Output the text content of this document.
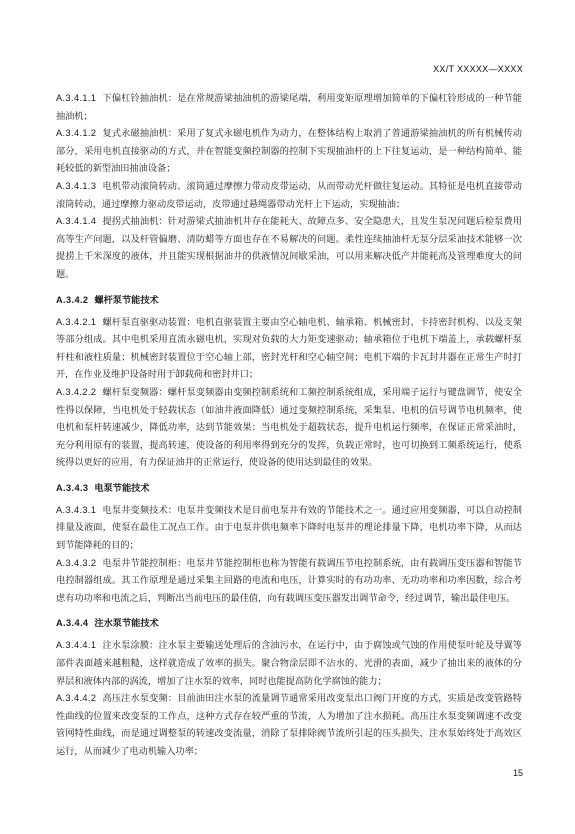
XX/T XXXXX—XXXX

A.3.4.1.1 下偏杠铃抽油机：是在常规游梁抽油机的游梁尾端，利用变矩原理增加简单的下偏杠铃形成的一种节能抽油机；

A.3.4.1.2 复式永磁抽油机：采用了复式永磁电机作为动力，在整体结构上取消了普通游梁抽油机的所有机械传动部分，采用电机直接驱动的方式，并在智能变频控制器的控制下实现抽油杆的上下往复运动，是一种结构简单、能耗较低的新型油田抽油设备；

A.3.4.1.3 电机带动滚筒转动、滚筒通过摩擦力带动皮带运动，从而带动光杆做往复运动。其特征是电机直接带动滚筒转动，通过摩擦力驱动皮带运动，皮带通过悬绳器带动光杆上下运动，实现抽油；

A.3.4.1.4 提拐式抽油机：针对游梁式抽油机井存在能耗大、故障点多、安全隐患大，且发生泵况问题后检泵费用高等生产问题，以及杆管偏磨、清防蜡等方面也存在不易解决的问题。柔性连续抽油杆无泵分层采油技术能够一次提捞上千米深度的液体，并且能实现根据油井的供液情况间歇采油，可以用来解决低产井能耗高及管理难度大的问题。

A.3.4.2 螺杆泵节能技术

A.3.4.2.1 螺杆泵直驱驱动装置：电机直驱装置主要由空心轴电机、轴承箱、机械密封、卡持密封机构、以及支架等部分组成。其中电机采用直流永磁电机，实现对负载的大力矩变速驱动；轴承箱位于电机下端盖上，承载螺杆泵杆柱和液柱质量；机械密封装置位于空心轴上部，密封光杆和空心轴空间；电机下端的卡瓦封井器在正常生产时打开，在作业及维护设备时用于卸载荷和密封井口；

A.3.4.2.2 螺杆泵变频器：螺杆泵变频器由变频控制系统和工频控制系统组成，采用端子运行与键盘调节，使安全性得以保障，当电机处于轻载状态（如油井液面降低）通过变频控制系统，采集泵、电机的信号调节电机频率，使电机和泵杆转速减少，降低功率，达到节能效果；当电机处于超载状态，提升电机运行频率，在保证正常采油时，充分利用原有的装置，提高转速，使设备的利用率得到充分的发挥，负载正常时，也可切换到工频系统运行，使系统得以更好的应用，有力保证油井的正常运行，使设备的使用达到最佳的效果。

A.3.4.3 电泵节能技术

A.3.4.3.1 电泵井变频技术：电泵井变频技术是目前电泵井有效的节能技术之一。通过应用变频器，可以自动控制排量及液面，使泵在最佳工况点工作。由于电泵井供电频率下降时电泵井的理论排量下降，电机功率下降，从而达到节能降耗的目的；

A.3.4.3.2 电泵井节能控制柜：电泵井节能控制柜也称为智能有载调压节电控制系统，由有载调压变压器和智能节电控制器组成。其工作原理是通过采集主回路的电流和电压，计算实时的有功功率、无功功率和功率因数，综合考虑有功功率和电流之后，判断出当前电压的最佳值，向有载调压变压器发出调节命令，经过调节，输出最佳电压。

A.3.4.4 注水泵节能技术

A.3.4.4.1 注水泵涂膜：注水泵主要输送处理后的含油污水，在运行中，由于腐蚀或气蚀的作用使泵叶轮及导翼等部件表面越来越粗糙，这样就造成了效率的损失。聚合物涂层即不沾水的、光滑的表面，减少了抽出来的液体的分界层和液体内部的涡流，增加了注水泵的效率，同时也能提高防化学腐蚀的能力；

A.3.4.4.2 高压注水泵变频：目前油田注水泵的流量调节通常采用改变泵出口阀门开度的方式，实质是改变管路特性曲线的位置来改变泵的工作点，这种方式存在较严重的节流，人为增加了注水损耗。高压注水泵变频调速不改变管网特性曲线，而是通过调整泵的转速改变流量，消除了泵排除阀节流所引起的压头损失，注水泵始终处于高效区运行，从而减少了电动机输入功率；

15
